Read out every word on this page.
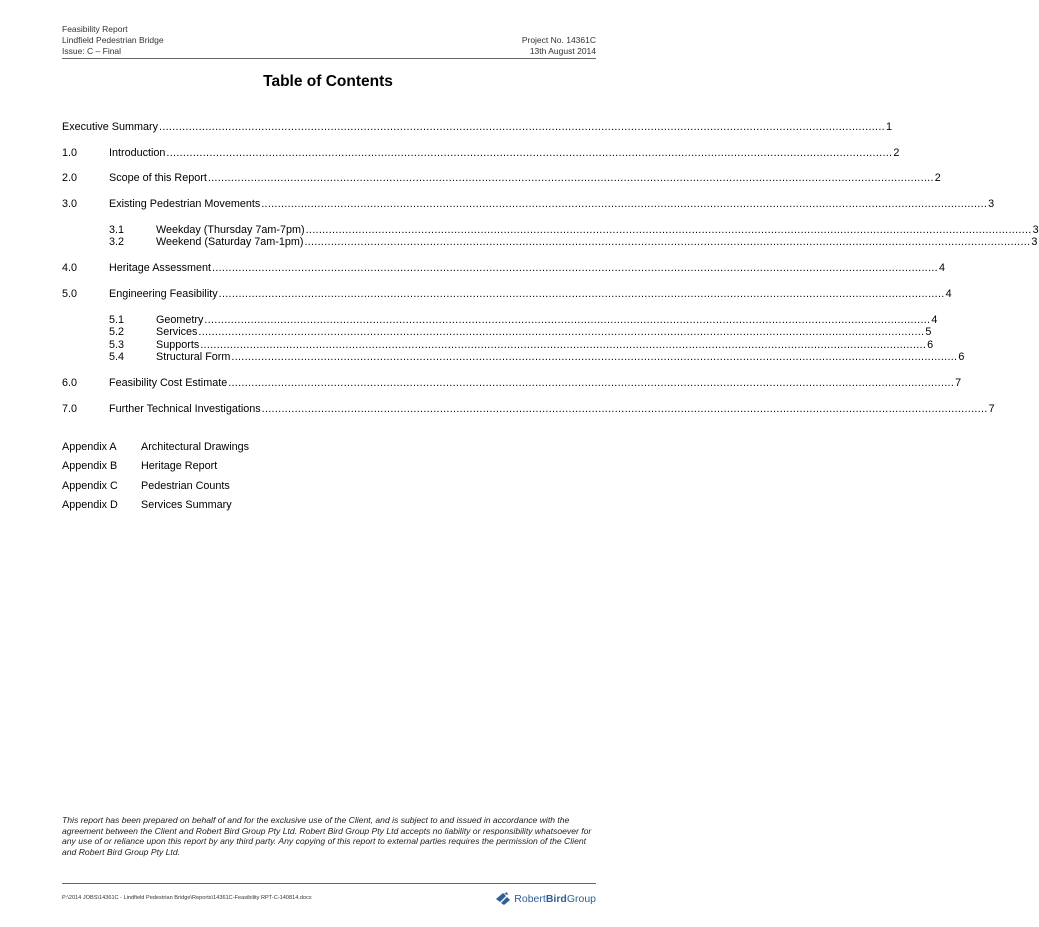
Feasibility Report
Lindfield Pedestrian Bridge
Issue: C – Final
Project No. 14361C
13th August 2014
Table of Contents
Executive Summary ............................................................................................................................................................................................................................ 1
1.0	Introduction ............................................................................................................................................................................................................................ 2
2.0	Scope of this Report ............................................................................................................................................................................................................................ 2
3.0	Existing Pedestrian Movements ............................................................................................................................................................................................................................ 3
3.1	Weekday (Thursday 7am-7pm) ............................................................................................................................................................................................................................ 3
3.2	Weekend (Saturday 7am-1pm) ............................................................................................................................................................................................................................ 3
4.0	Heritage Assessment ............................................................................................................................................................................................................................ 4
5.0	Engineering Feasibility ............................................................................................................................................................................................................................ 4
5.1	Geometry ............................................................................................................................................................................................................................ 4
5.2	Services ............................................................................................................................................................................................................................ 5
5.3	Supports ............................................................................................................................................................................................................................ 6
5.4	Structural Form ............................................................................................................................................................................................................................ 6
6.0	Feasibility Cost Estimate ............................................................................................................................................................................................................................ 7
7.0	Further Technical Investigations ............................................................................................................................................................................................................................ 7
Appendix A Architectural Drawings
Appendix B Heritage Report
Appendix C Pedestrian Counts
Appendix D Services Summary
This report has been prepared on behalf of and for the exclusive use of the Client, and is subject to and issued in accordance with the agreement between the Client and Robert Bird Group Pty Ltd. Robert Bird Group Pty Ltd accepts no liability or responsibility whatsoever for any use of or reliance upon this report by any third party. Any copying of this report to external parties requires the permission of the Client and Robert Bird Group Pty Ltd.
P:\2014 JOBS\14361C - Lindfield Pedestrian Bridge\Reports\14361C-Feasibility RPT-C-140814.docx	RobertBirdGroup
